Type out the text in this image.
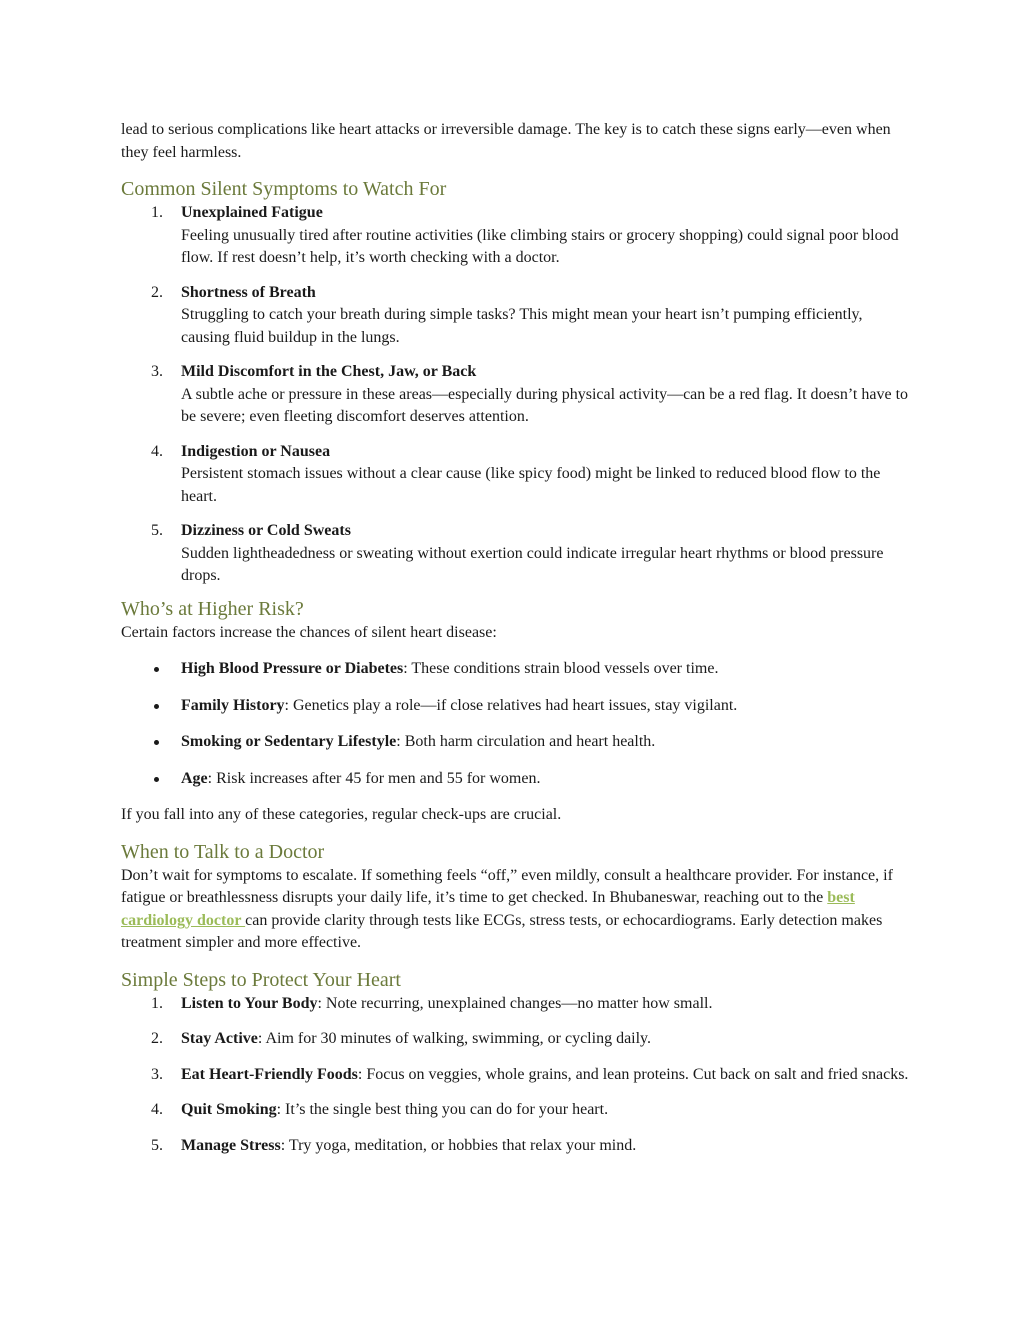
lead to serious complications like heart attacks or irreversible damage. The key is to catch these signs early—even when they feel harmless.

Common Silent Symptoms to Watch For
1. Unexplained Fatigue
Feeling unusually tired after routine activities (like climbing stairs or grocery shopping) could signal poor blood flow. If rest doesn’t help, it’s worth checking with a doctor.
2. Shortness of Breath
Struggling to catch your breath during simple tasks? This might mean your heart isn’t pumping efficiently, causing fluid buildup in the lungs.
3. Mild Discomfort in the Chest, Jaw, or Back
A subtle ache or pressure in these areas—especially during physical activity—can be a red flag. It doesn’t have to be severe; even fleeting discomfort deserves attention.
4. Indigestion or Nausea
Persistent stomach issues without a clear cause (like spicy food) might be linked to reduced blood flow to the heart.
5. Dizziness or Cold Sweats
Sudden lightheadedness or sweating without exertion could indicate irregular heart rhythms or blood pressure drops.
Who’s at Higher Risk?

Certain factors increase the chances of silent heart disease:

High Blood Pressure or Diabetes: These conditions strain blood vessels over time.
Family History: Genetics play a role—if close relatives had heart issues, stay vigilant.
Smoking or Sedentary Lifestyle: Both harm circulation and heart health.
Age: Risk increases after 45 for men and 55 for women.

If you fall into any of these categories, regular check-ups are crucial.

When to Talk to a Doctor

Don’t wait for symptoms to escalate. If something feels “off,” even mildly, consult a healthcare provider. For instance, if fatigue or breathlessness disrupts your daily life, it’s time to get checked. In Bhubaneswar, reaching out to the best cardiology doctor can provide clarity through tests like ECGs, stress tests, or echocardiograms. Early detection makes treatment simpler and more effective.

Simple Steps to Protect Your Heart
1. Listen to Your Body: Note recurring, unexplained changes—no matter how small.
2. Stay Active: Aim for 30 minutes of walking, swimming, or cycling daily.
3. Eat Heart-Friendly Foods: Focus on veggies, whole grains, and lean proteins. Cut back on salt and fried snacks.
4. Quit Smoking: It’s the single best thing you can do for your heart.
5. Manage Stress: Try yoga, meditation, or hobbies that relax your mind.
